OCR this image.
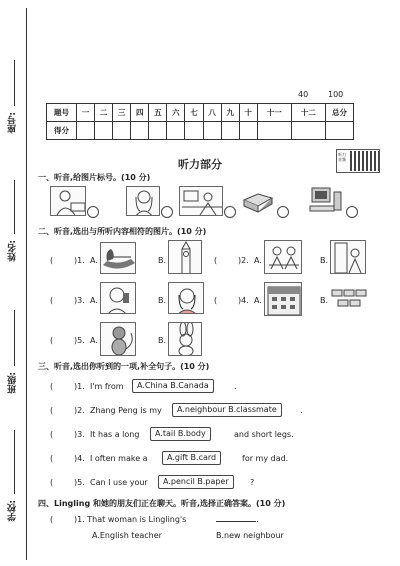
座号:
姓名:
班级:
学校:
40 100
题号	一	二	三	四	五	六	七	八	九	十	十一	十二	总分
得分													
听力部分
听力音频
一、听音,给图片标号。(10 分)
二、听音,选出与所听内容相符的图片。(10 分)
(	)1. A.	B.	(	)2. A.	B.
(	)3. A.	B.	(	)4. A.	B.
(	)5. A.	B.
三、听音,选出你听到的一项,补全句子。(10 分)
(	)1. I'm from	A.China B.Canada	.
(	)2. Zhang Peng is my	A.neighbour B.classmate	.
(	)3. It has a long	A.tail B.body	and short legs.
(	)4. I often make a	A.gift B.card	for my dad.
(	)5. Can I use your	A.pencil B.paper	?
四、Lingling 和她的朋友们正在聊天。听音,选择正确答案。(10 分)
(	)1. That woman is Lingling's	.
A.English teacher	B.new neighbour
